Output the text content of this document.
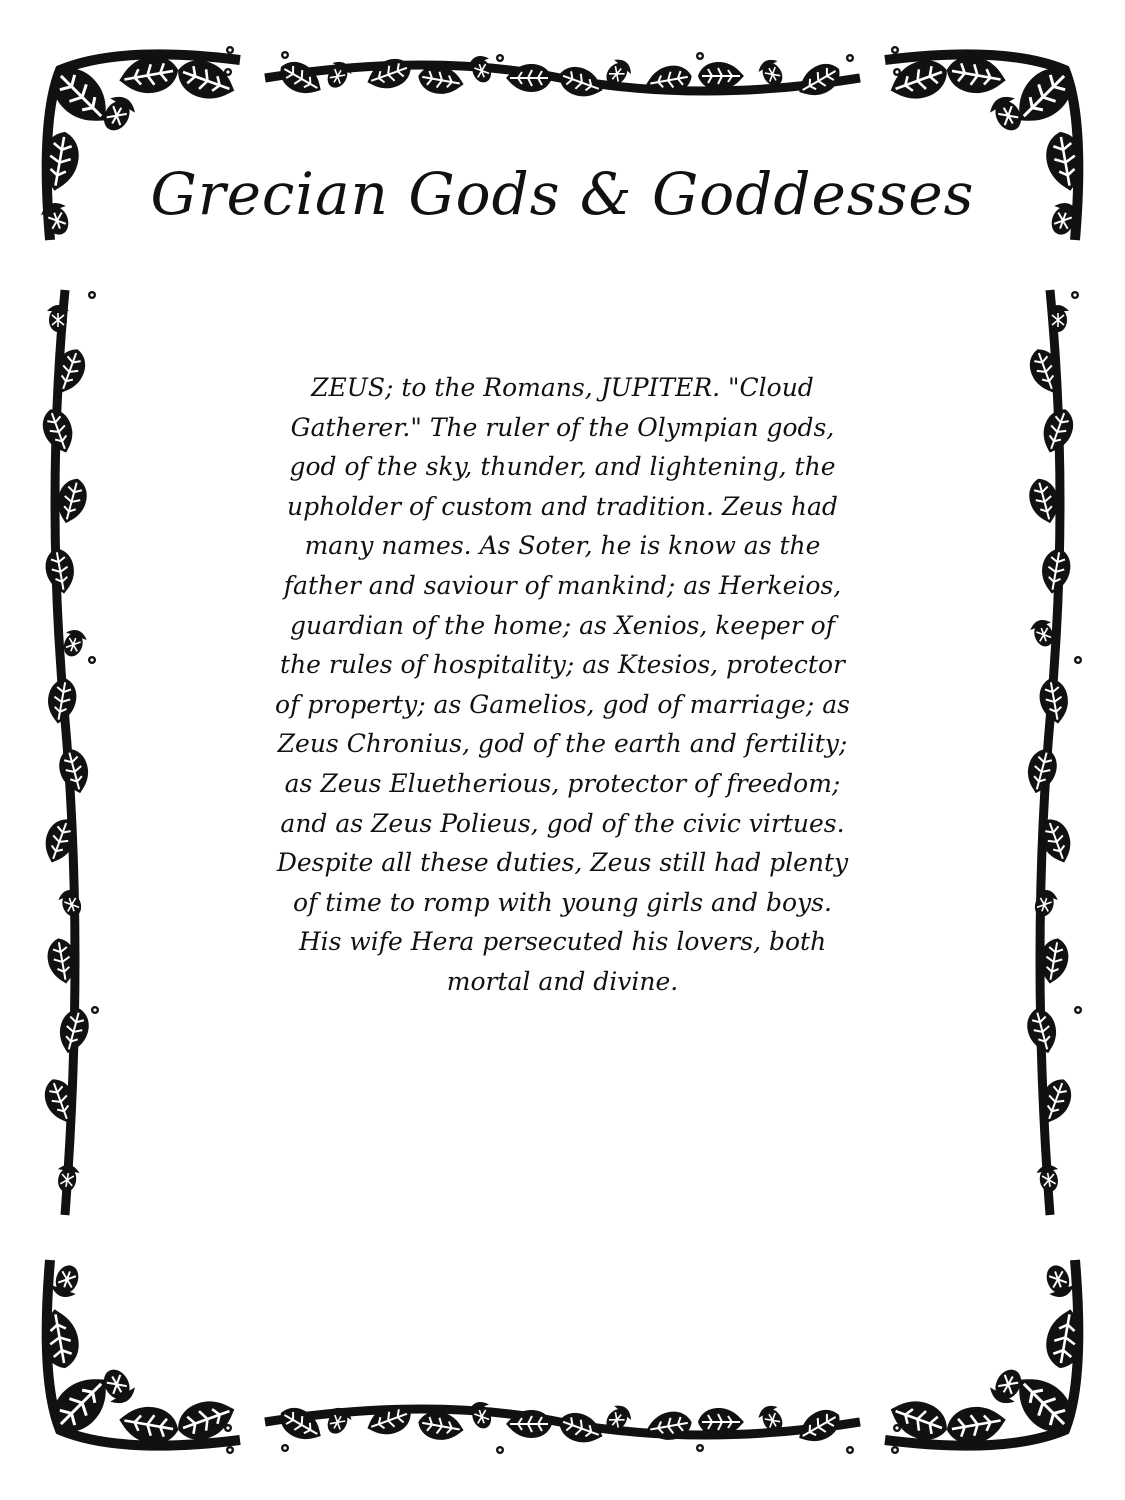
Grecian Gods & Goddesses
ZEUS; to the Romans, JUPITER. "Cloud
Gatherer." The ruler of the Olympian gods,
god of the sky, thunder, and lightening, the
upholder of custom and tradition. Zeus had
many names. As Soter, he is know as the
father and saviour of mankind; as Herkeios,
guardian of the home; as Xenios, keeper of
the rules of hospitality; as Ktesios, protector
of property; as Gamelios, god of marriage; as
Zeus Chronius, god of the earth and fertility;
as Zeus Eluetherious, protector of freedom;
and as Zeus Polieus, god of the civic virtues.
Despite all these duties, Zeus still had plenty
of time to romp with young girls and boys.
His wife Hera persecuted his lovers, both
mortal and divine.
